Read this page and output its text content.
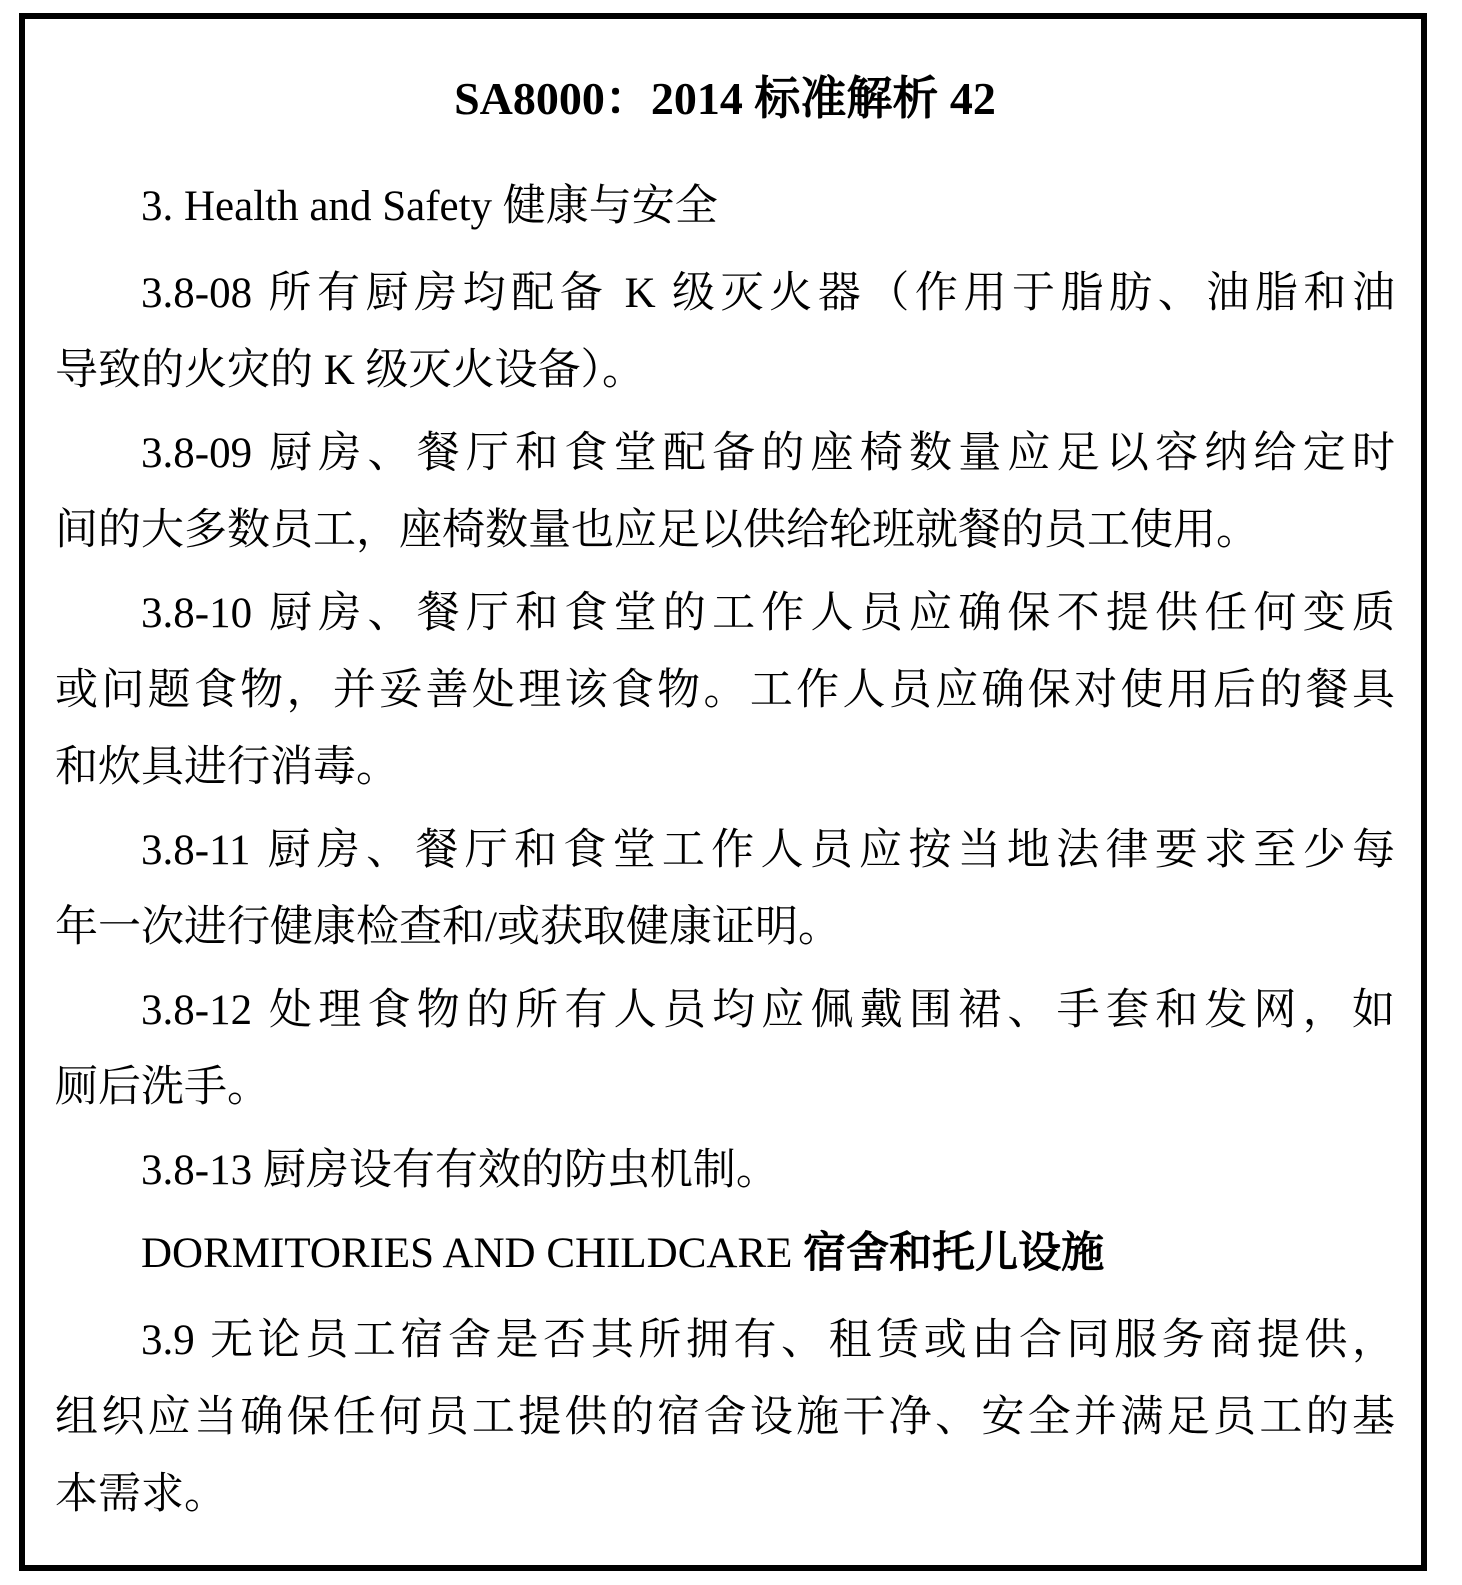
SA8000：2014 标准解析 42
3. Health and Safety 健康与安全
3.8-08 所有厨房均配备 K 级灭火器（作用于脂肪、油脂和油
导致的火灾的 K 级灭火设备）。
3.8-09 厨房、餐厅和食堂配备的座椅数量应足以容纳给定时
间的大多数员工，座椅数量也应足以供给轮班就餐的员工使用。
3.8-10 厨房、餐厅和食堂的工作人员应确保不提供任何变质
或问题食物，并妥善处理该食物。工作人员应确保对使用后的餐具
和炊具进行消毒。
3.8-11 厨房、餐厅和食堂工作人员应按当地法律要求至少每
年一次进行健康检查和/或获取健康证明。
3.8-12 处理食物的所有人员均应佩戴围裙、手套和发网，如
厕后洗手。
3.8-13 厨房设有有效的防虫机制。
DORMITORIES AND CHILDCARE 宿舍和托儿设施
3.9 无论员工宿舍是否其所拥有、租赁或由合同服务商提供，
组织应当确保任何员工提供的宿舍设施干净、安全并满足员工的基
本需求。
